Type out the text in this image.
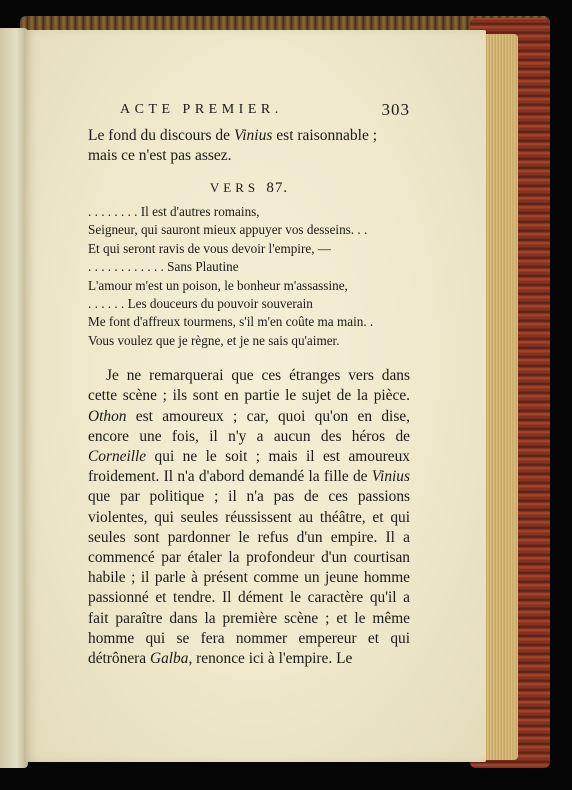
ACTE PREMIER.	303

Le fond du discours de Vinius est raisonnable ; mais ce n'est pas assez.

VERS 87.
. . . . . . . . Il est d'autres romains,
Seigneur, qui sauront mieux appuyer vos desseins. . .
Et qui seront ravis de vous devoir l'empire, —
. . . . . . . . . . . . Sans Plautine
L'amour m'est un poison, le bonheur m'assassine,
. . . . . . Les douceurs du pouvoir souverain
Me font d'affreux tourmens, s'il m'en coûte ma main. .
Vous voulez que je règne, et je ne sais qu'aimer.

Je ne remarquerai que ces étranges vers dans cette scène ; ils sont en partie le sujet de la pièce. Othon est amoureux ; car, quoi qu'on en dise, encore une fois, il n'y a aucun des héros de Corneille qui ne le soit ; mais il est amoureux froidement. Il n'a d'abord demandé la fille de Vinius que par politique ; il n'a pas de ces passions violentes, qui seules réussissent au théâtre, et qui seules sont pardonner le refus d'un empire. Il a commencé par étaler la profondeur d'un courtisan habile ; il parle à présent comme un jeune homme passionné et tendre. Il dément le caractère qu'il a fait paraître dans la première scène ; et le même homme qui se fera nommer empereur et qui détrônera Galba, renonce ici à l'empire. Le
